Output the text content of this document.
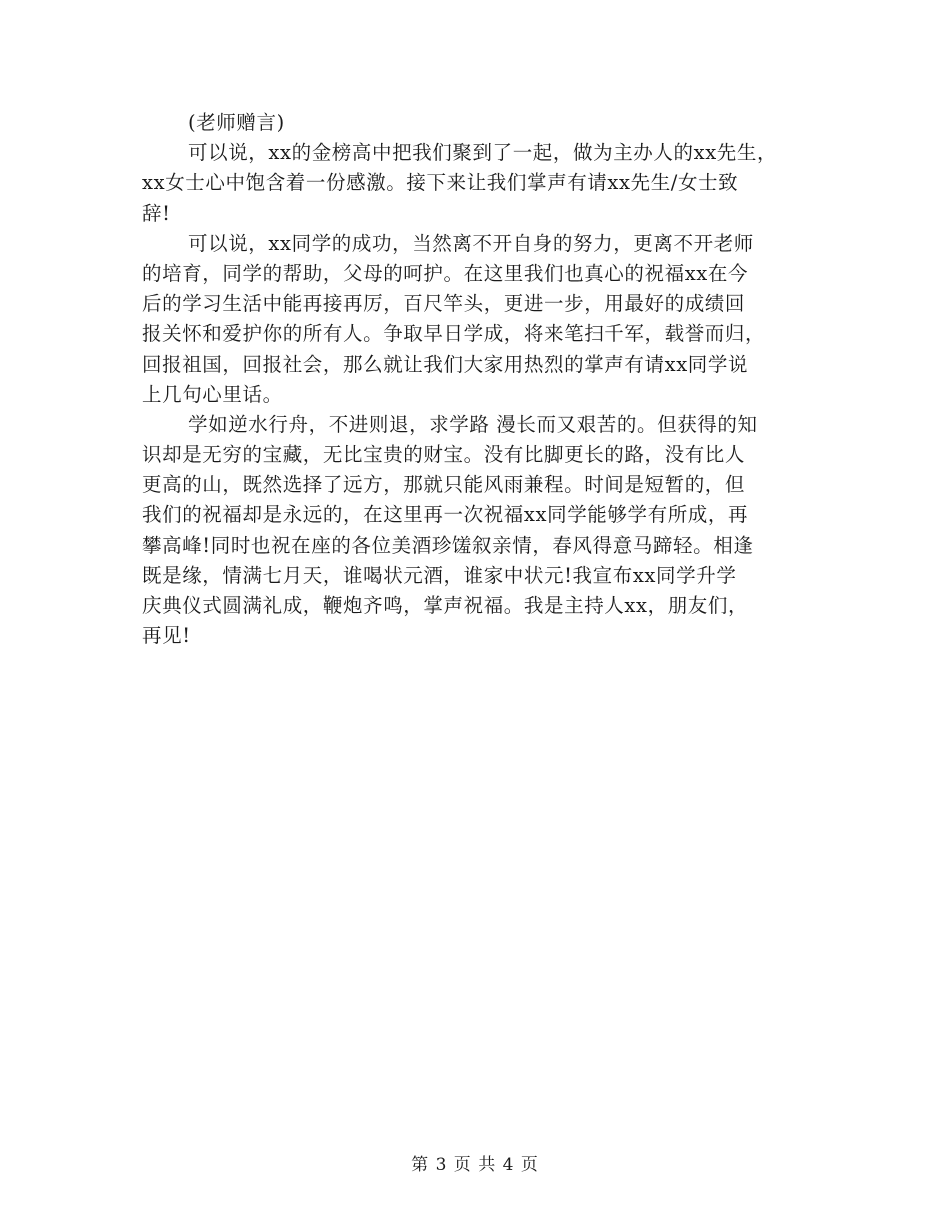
(老师赠言)
可以说，xx的金榜高中把我们聚到了一起，做为主办人的xx先生，
xx女士心中饱含着一份感激。接下来让我们掌声有请xx先生/女士致
辞!
可以说，xx同学的成功，当然离不开自身的努力，更离不开老师
的培育，同学的帮助，父母的呵护。在这里我们也真心的祝福xx在今
后的学习生活中能再接再厉，百尺竿头，更进一步，用最好的成绩回
报关怀和爱护你的所有人。争取早日学成，将来笔扫千军，载誉而归，
回报祖国，回报社会，那么就让我们大家用热烈的掌声有请xx同学说
上几句心里话。
学如逆水行舟，不进则退，求学路 漫长而又艰苦的。但获得的知
识却是无穷的宝藏，无比宝贵的财宝。没有比脚更长的路，没有比人
更高的山，既然选择了远方，那就只能风雨兼程。时间是短暂的，但
我们的祝福却是永远的，在这里再一次祝福xx同学能够学有所成，再
攀高峰!同时也祝在座的各位美酒珍馐叙亲情，春风得意马蹄轻。相逢
既是缘，情满七月天，谁喝状元酒，谁家中状元!我宣布xx同学升学
庆典仪式圆满礼成，鞭炮齐鸣，掌声祝福。我是主持人xx，朋友们，
再见!
第 3 页 共 4 页
